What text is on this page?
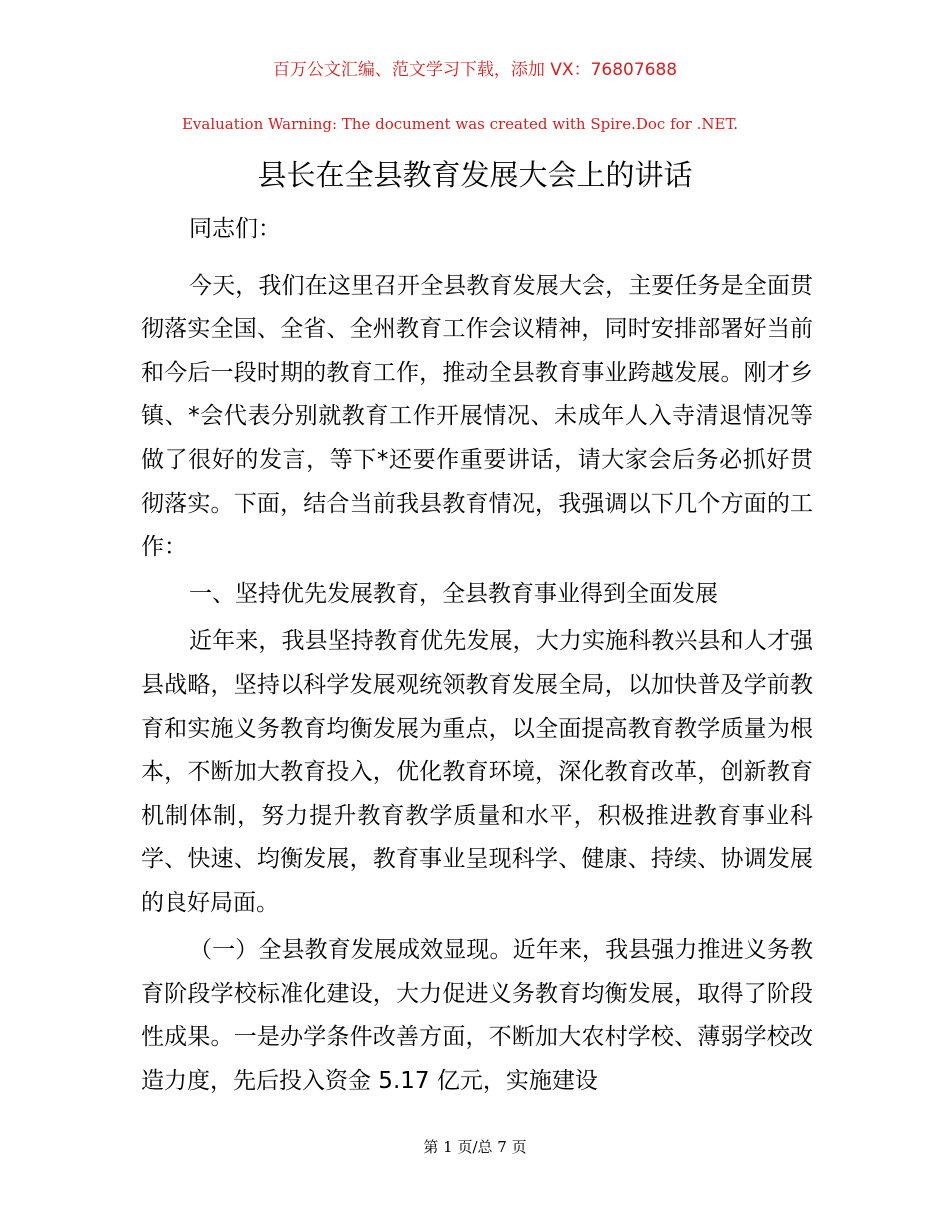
百万公文汇编、范文学习下载，添加 VX：76807688
Evaluation Warning: The document was created with Spire.Doc for .NET.
县长在全县教育发展大会上的讲话

同志们：

今天，我们在这里召开全县教育发展大会，主要任务是全面贯彻落实全国、全省、全州教育工作会议精神，同时安排部署好当前和今后一段时期的教育工作，推动全县教育事业跨越发展。刚才乡镇、*会代表分别就教育工作开展情况、未成年人入寺清退情况等做了很好的发言，等下*还要作重要讲话，请大家会后务必抓好贯彻落实。下面，结合当前我县教育情况，我强调以下几个方面的工作：

一、坚持优先发展教育，全县教育事业得到全面发展

近年来，我县坚持教育优先发展，大力实施科教兴县和人才强县战略，坚持以科学发展观统领教育发展全局，以加快普及学前教育和实施义务教育均衡发展为重点，以全面提高教育教学质量为根本，不断加大教育投入，优化教育环境，深化教育改革，创新教育机制体制，努力提升教育教学质量和水平，积极推进教育事业科学、快速、均衡发展，教育事业呈现科学、健康、持续、协调发展的良好局面。

（一）全县教育发展成效显现。近年来，我县强力推进义务教育阶段学校标准化建设，大力促进义务教育均衡发展，取得了阶段性成果。一是办学条件改善方面，不断加大农村学校、薄弱学校改造力度，先后投入资金 5.17 亿元，实施建设

第 1 页/总 7 页
